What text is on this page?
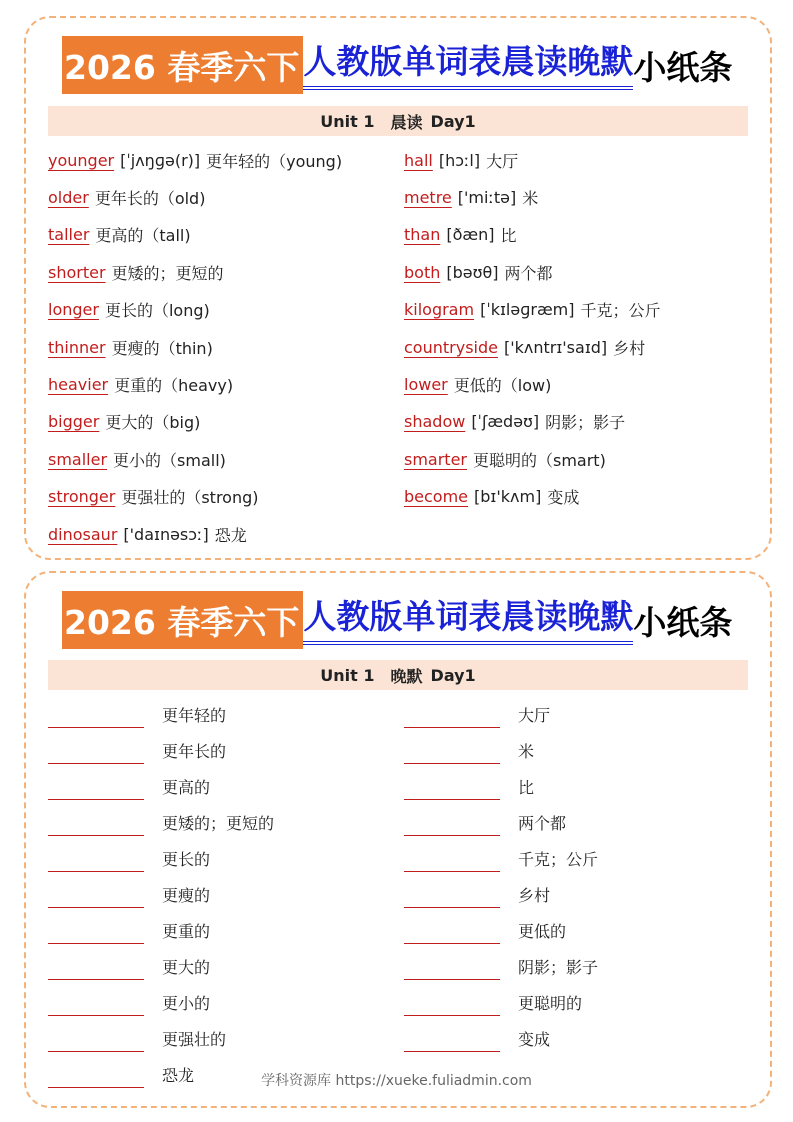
2026 春季六下 人教版单词表晨读晚默 小纸条
Unit 1 晨读 Day1
younger [ˈjʌŋɡə(r)] 更年轻的（young)
older 更年长的（old)
taller 更高的（tall)
shorter 更矮的；更短的
longer 更长的（long)
thinner 更瘦的（thin)
heavier 更重的（heavy)
bigger 更大的（big)
smaller 更小的（small)
stronger 更强壮的（strong)
dinosaur ['daɪnəsɔː] 恐龙
hall [hɔːl] 大厅
metre ['miːtə] 米
than [ðæn] 比
both [bəʊθ] 两个都
kilogram [ˈkɪləɡræm] 千克；公斤
countryside ['kʌntrɪ'saɪd] 乡村
lower 更低的（low)
shadow [ˈʃædəʊ] 阴影；影子
smarter 更聪明的（smart)
become [bɪ'kʌm] 变成
2026 春季六下 人教版单词表晨读晚默 小纸条
Unit 1 晚默 Day1
更年轻的
更年长的
更高的
更矮的；更短的
更长的
更瘦的
更重的
更大的
更小的
更强壮的
恐龙
大厅
米
比
两个都
千克；公斤
乡村
更低的
阴影；影子
更聪明的
变成
学科资源库 https://xueke.fuliadmin.com
